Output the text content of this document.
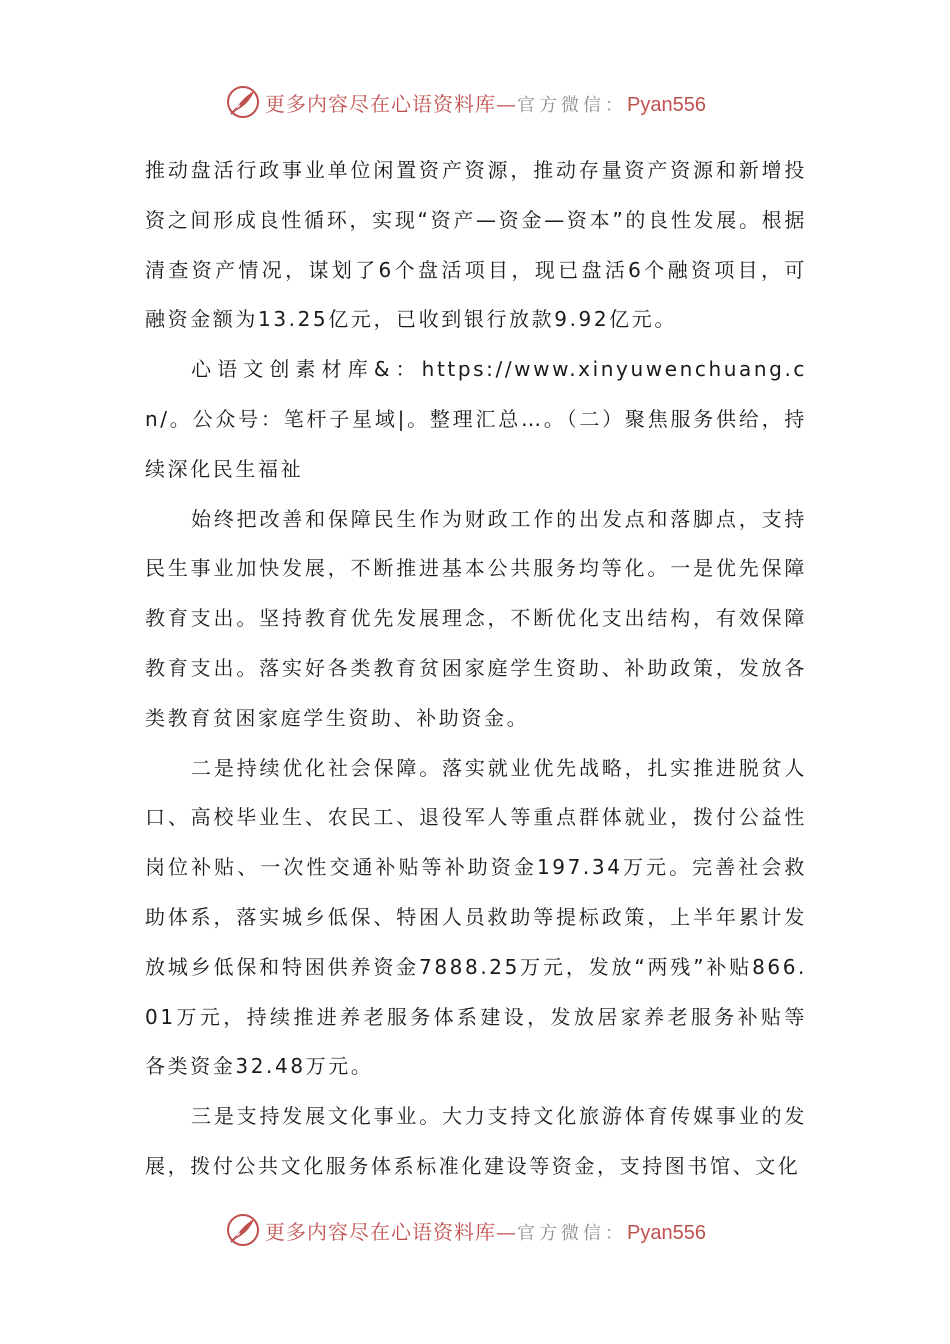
更多内容尽在心语资料库—官方微信：Pyan556

推动盘活行政事业单位闲置资产资源，推动存量资产资源和新增投资之间形成良性循环，实现“资产—资金—资本”的良性发展。根据清查资产情况，谋划了6个盘活项目，现已盘活6个融资项目，可融资金额为13.25亿元，已收到银行放款9.92亿元。

心语文创素材库&：https://www.xinyuwenchuang.cn/。公众号：笔杆子星域|。整理汇总…。（二）聚焦服务供给，持续深化民生福祉

始终把改善和保障民生作为财政工作的出发点和落脚点，支持民生事业加快发展，不断推进基本公共服务均等化。一是优先保障教育支出。坚持教育优先发展理念，不断优化支出结构，有效保障教育支出。落实好各类教育贫困家庭学生资助、补助政策，发放各类教育贫困家庭学生资助、补助资金。

二是持续优化社会保障。落实就业优先战略，扎实推进脱贫人口、高校毕业生、农民工、退役军人等重点群体就业，拨付公益性岗位补贴、一次性交通补贴等补助资金197.34万元。完善社会救助体系，落实城乡低保、特困人员救助等提标政策，上半年累计发放城乡低保和特困供养资金7888.25万元，发放“两残”补贴866.01万元，持续推进养老服务体系建设，发放居家养老服务补贴等各类资金32.48万元。

三是支持发展文化事业。大力支持文化旅游体育传媒事业的发展，拨付公共文化服务体系标准化建设等资金，支持图书馆、文化

更多内容尽在心语资料库—官方微信：Pyan556
